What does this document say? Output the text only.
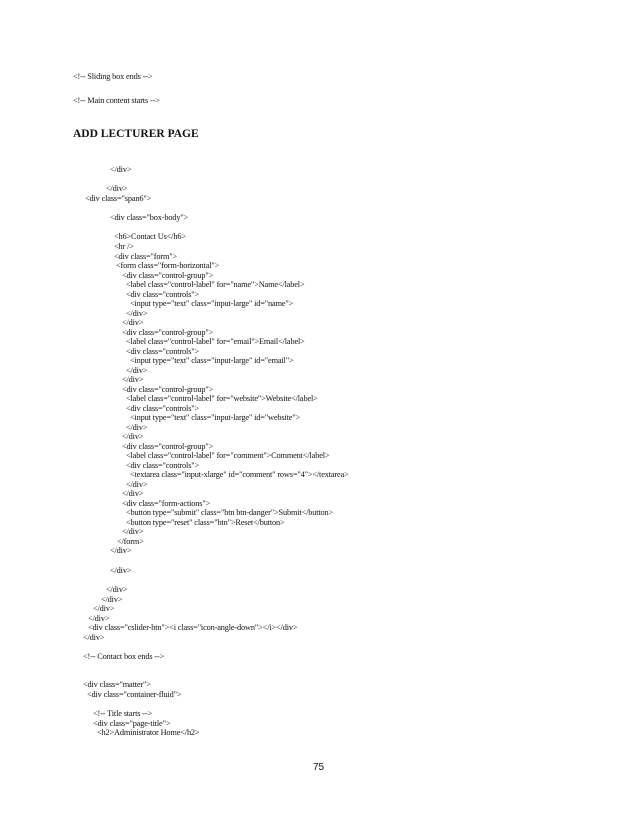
<!-- Sliding box ends -->
<!-- Main content starts -->
ADD LECTURER PAGE
</div>
</div>
<div class="span6">
<div class="box-body">
<h6>Contact Us</h6>
<hr />
<div class="form">
<form class="form-horizontal">
<div class="control-group">
<label class="control-label" for="name">Name</label>
<div class="controls">
<input type="text" class="input-large" id="name">
</div>
</div>
<div class="control-group">
<label class="control-label" for="email">Email</label>
<div class="controls">
<input type="text" class="input-large" id="email">
</div>
</div>
<div class="control-group">
<label class="control-label" for="website">Website</label>
<div class="controls">
<input type="text" class="input-large" id="website">
</div>
</div>
<div class="control-group">
<label class="control-label" for="comment">Comment</label>
<div class="controls">
<textarea class="input-xlarge" id="comment" rows="4"></textarea>
</div>
</div>
<div class="form-actions">
<button type="submit" class="btn btn-danger">Submit</button>
<button type="reset" class="btn">Reset</button>
</div>
</form>
</div>
</div>
</div>
</div>
</div>
</div>
<div class="cslider-btn"><i class="icon-angle-down"></i></div>
</div>
<!-- Contact box ends -->
<div class="matter">
<div class="container-fluid">
<!-- Title starts -->
<div class="page-title">
<h2>Administrator Home</h2>
75
